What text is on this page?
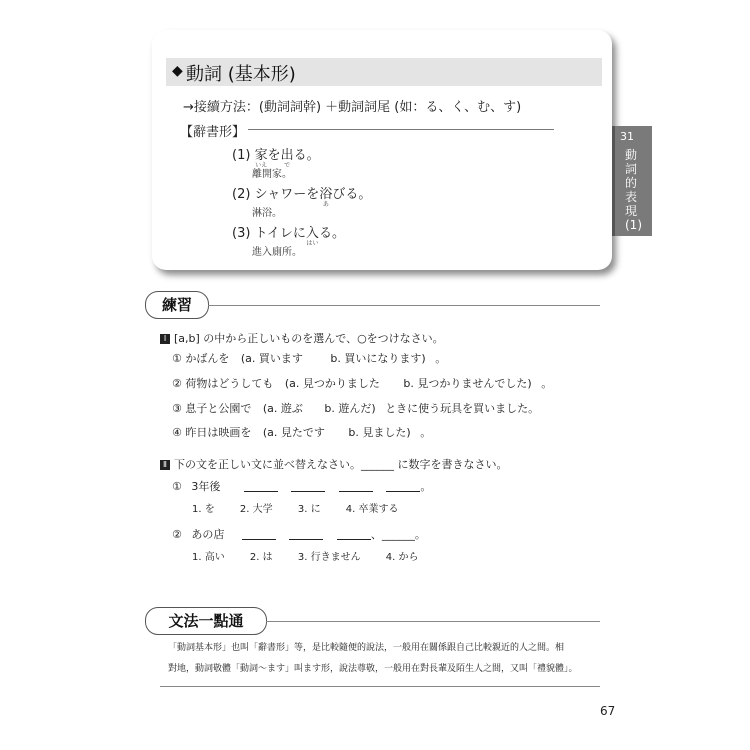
◆ 動詞 (基本形)
→接續方法：(動詞詞幹) ＋動詞詞尾 (如：る、く、む、す)
【辭書形】
(1) 家
いえ
を 出
で
る。
離開家。
(2) シャワーを 浴
あ
びる。
淋浴。
(3) トイレに 入
はい
る。
進入廁所。
31
動詞的表現(1)
練習
Ⅰ [a,b] の中から正しいものを選んで、○をつけなさい。
① かばんを (a. 買います	b. 買いになります) 。
② 荷物はどうしても (a. 見つかりました b. 見つかりませんでした) 。
③ 息子と公園で (a. 遊ぶ b. 遊んだ) ときに使う玩具を買いました。
④ 昨日は映画を (a. 見たです b. 見ました) 。
Ⅱ 下の文を正しい文に並べ替えなさい。______ に数字を書きなさい。
① 3年後	。
1. を	2. 大学	3. に	4. 卒業する
② あの店	、______。
1. 高い	2. は	3. 行きません	4. から
文法一點通

「動詞基本形」也叫「辭書形」等，是比較隨便的說法，一般用在關係跟自己比較親近的人之間。相

對地，動詞敬體「動詞～ます」叫ます形，說法尊敬，一般用在對長輩及陌生人之間，又叫「禮貌體」。

67
